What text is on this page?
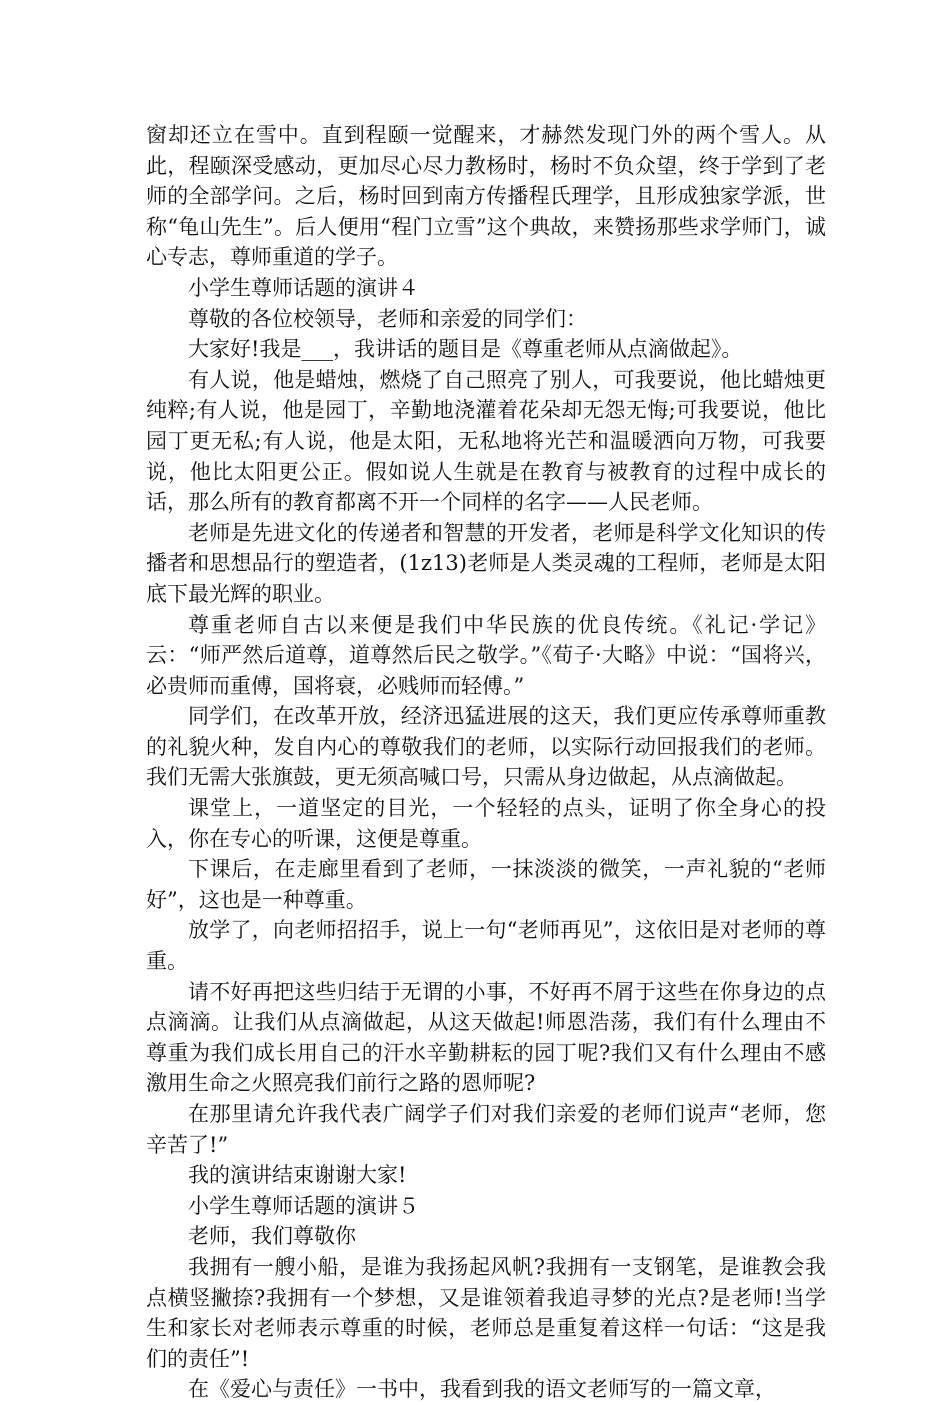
窗却还立在雪中。直到程颐一觉醒来，才赫然发现门外的两个雪人。从此，程颐深受感动，更加尽心尽力教杨时，杨时不负众望，终于学到了老师的全部学问。之后，杨时回到南方传播程氏理学，且形成独家学派，世称“龟山先生”。后人便用“程门立雪”这个典故，来赞扬那些求学师门，诚心专志，尊师重道的学子。

小学生尊师话题的演讲４

尊敬的各位校领导，老师和亲爱的同学们：

大家好!我是___，我讲话的题目是《尊重老师从点滴做起》。

有人说，他是蜡烛，燃烧了自己照亮了别人，可我要说，他比蜡烛更纯粹;有人说，他是园丁，辛勤地浇灌着花朵却无怨无悔;可我要说，他比园丁更无私;有人说，他是太阳，无私地将光芒和温暖洒向万物，可我要说，他比太阳更公正。假如说人生就是在教育与被教育的过程中成长的话，那么所有的教育都离不开一个同样的名字——人民老师。

老师是先进文化的传递者和智慧的开发者，老师是科学文化知识的传播者和思想品行的塑造者，(1z13)老师是人类灵魂的工程师，老师是太阳底下最光辉的职业。

尊重老师自古以来便是我们中华民族的优良传统。《礼记·学记》云：“师严然后道尊，道尊然后民之敬学。”《荀子·大略》中说：“国将兴，必贵师而重傅，国将衰，必贱师而轻傅。”

同学们，在改革开放，经济迅猛进展的这天，我们更应传承尊师重教的礼貌火种，发自内心的尊敬我们的老师，以实际行动回报我们的老师。我们无需大张旗鼓，更无须高喊口号，只需从身边做起，从点滴做起。

课堂上，一道坚定的目光，一个轻轻的点头，证明了你全身心的投入，你在专心的听课，这便是尊重。

下课后，在走廊里看到了老师，一抹淡淡的微笑，一声礼貌的“老师好”，这也是一种尊重。

放学了，向老师招招手，说上一句“老师再见”，这依旧是对老师的尊重。

请不好再把这些归结于无谓的小事，不好再不屑于这些在你身边的点点滴滴。让我们从点滴做起，从这天做起!师恩浩荡，我们有什么理由不尊重为我们成长用自己的汗水辛勤耕耘的园丁呢?我们又有什么理由不感激用生命之火照亮我们前行之路的恩师呢?

在那里请允许我代表广阔学子们对我们亲爱的老师们说声“老师，您辛苦了!”

我的演讲结束谢谢大家!

小学生尊师话题的演讲５

老师，我们尊敬你

我拥有一艘小船，是谁为我扬起风帆?我拥有一支钢笔，是谁教会我点横竖撇捺?我拥有一个梦想，又是谁领着我追寻梦的光点?是老师!当学生和家长对老师表示尊重的时候，老师总是重复着这样一句话：“这是我们的责任”!

在《爱心与责任》一书中，我看到我的语文老师写的一篇文章，
